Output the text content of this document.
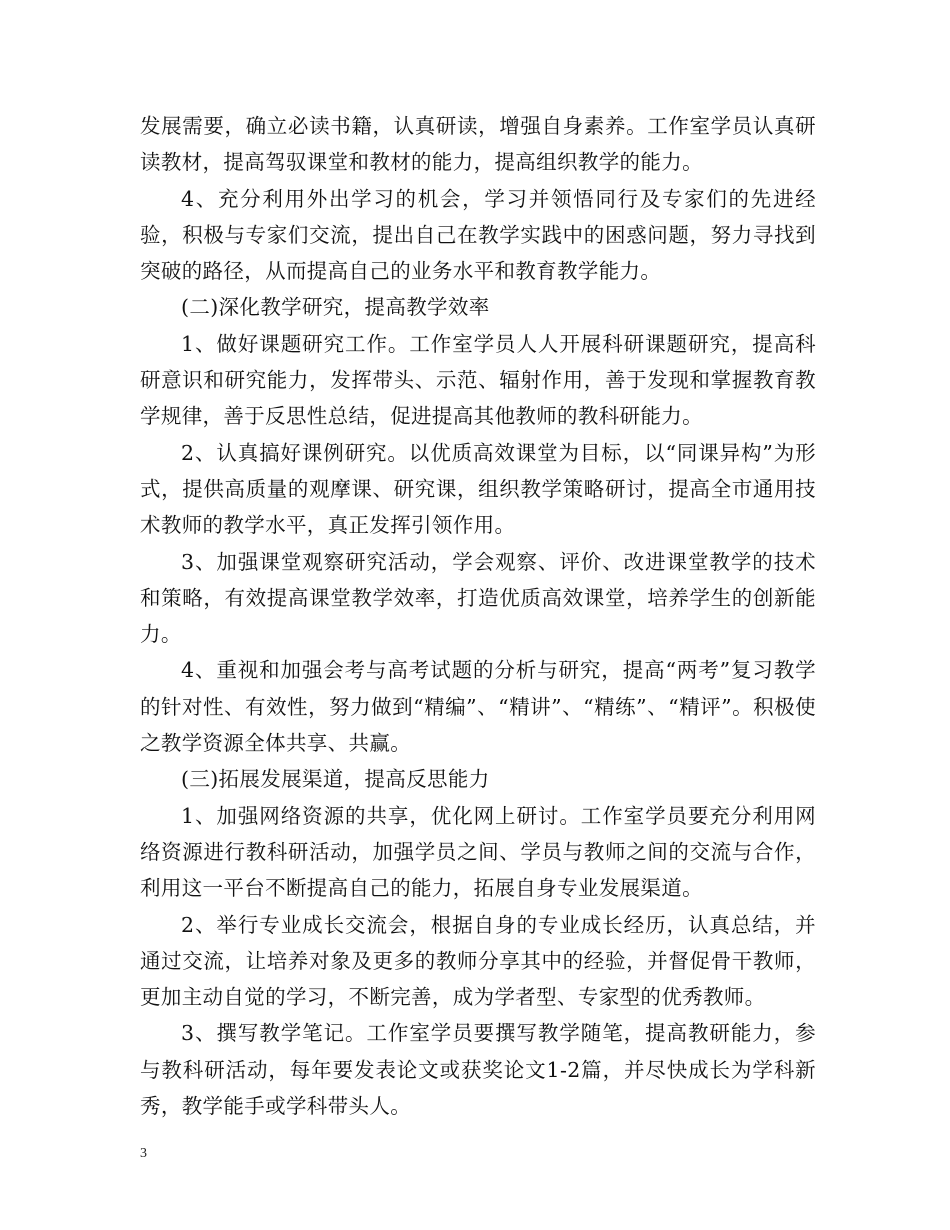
发展需要，确立必读书籍，认真研读，增强自身素养。工作室学员认真研读教材，提高驾驭课堂和教材的能力，提高组织教学的能力。

4、充分利用外出学习的机会，学习并领悟同行及专家们的先进经验，积极与专家们交流，提出自己在教学实践中的困惑问题，努力寻找到突破的路径，从而提高自己的业务水平和教育教学能力。

(二)深化教学研究，提高教学效率

1、做好课题研究工作。工作室学员人人开展科研课题研究，提高科研意识和研究能力，发挥带头、示范、辐射作用，善于发现和掌握教育教学规律，善于反思性总结，促进提高其他教师的教科研能力。

2、认真搞好课例研究。以优质高效课堂为目标，以“同课异构”为形式，提供高质量的观摩课、研究课，组织教学策略研讨，提高全市通用技术教师的教学水平，真正发挥引领作用。

3、加强课堂观察研究活动，学会观察、评价、改进课堂教学的技术和策略，有效提高课堂教学效率，打造优质高效课堂，培养学生的创新能力。

4、重视和加强会考与高考试题的分析与研究，提高“两考”复习教学的针对性、有效性，努力做到“精编”、“精讲”、“精练”、“精评”。积极使之教学资源全体共享、共赢。

(三)拓展发展渠道，提高反思能力

1、加强网络资源的共享，优化网上研讨。工作室学员要充分利用网络资源进行教科研活动，加强学员之间、学员与教师之间的交流与合作，利用这一平台不断提高自己的能力，拓展自身专业发展渠道。

2、举行专业成长交流会，根据自身的专业成长经历，认真总结，并通过交流，让培养对象及更多的教师分享其中的经验，并督促骨干教师，更加主动自觉的学习，不断完善，成为学者型、专家型的优秀教师。

3、撰写教学笔记。工作室学员要撰写教学随笔，提高教研能力，参与教科研活动，每年要发表论文或获奖论文1-2篇，并尽快成长为学科新秀，教学能手或学科带头人。

3
